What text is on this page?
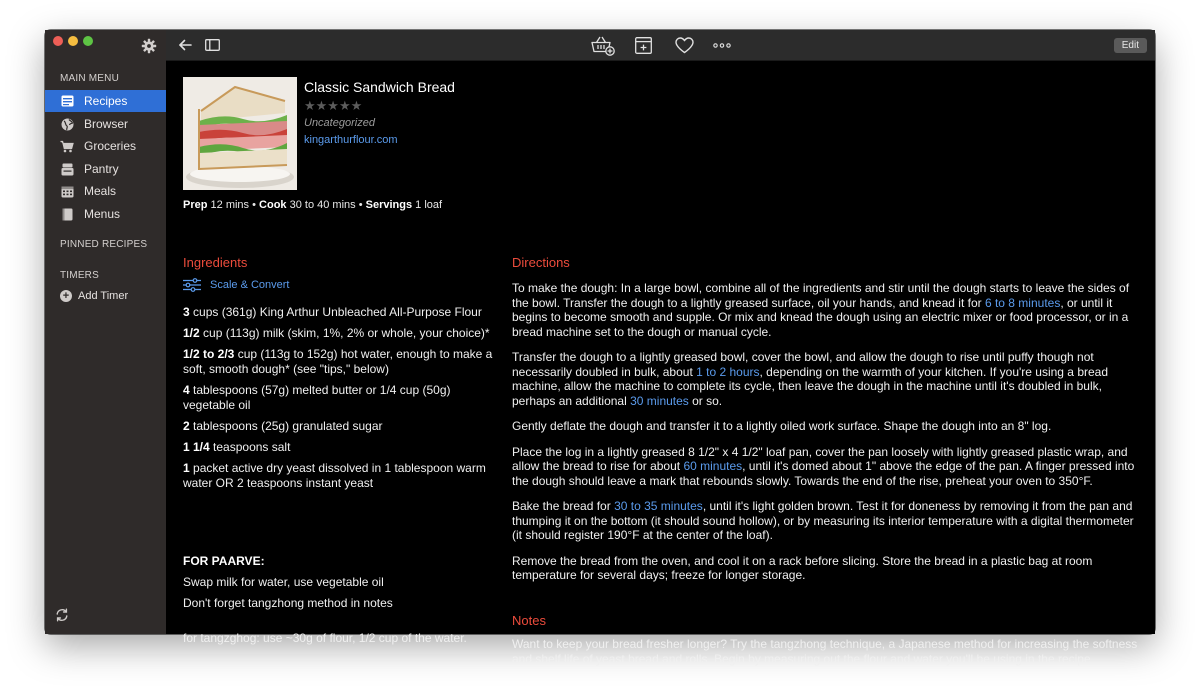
MAIN MENU
Recipes
Browser
Groceries
Pantry
Meals
Menus
PINNED RECIPES
TIMERS
+ Add Timer
Edit
Classic Sandwich Bread
★★★★★
Uncategorized
kingarthurflour.com
Prep 12 mins • Cook 30 to 40 mins • Servings 1 loaf
Ingredients
Scale & Convert
3 cups (361g) King Arthur Unbleached All-Purpose Flour
1/2 cup (113g) milk (skim, 1%, 2% or whole, your choice)*
1/2 to 2/3 cup (113g to 152g) hot water, enough to make a soft, smooth dough* (see "tips," below)
4 tablespoons (57g) melted butter or 1/4 cup (50g) vegetable oil
2 tablespoons (25g) granulated sugar
1 1/4 teaspoons salt
1 packet active dry yeast dissolved in 1 tablespoon warm water OR 2 teaspoons instant yeast
FOR PAARVE:
Swap milk for water, use vegetable oil
Don't forget tangzhong method in notes
for tangzghog: use ~30g of flour, 1/2 cup of the water.
Directions

To make the dough: In a large bowl, combine all of the ingredients and stir until the dough starts to leave the sides of the bowl. Transfer the dough to a lightly greased surface, oil your hands, and knead it for 6 to 8 minutes, or until it begins to become smooth and supple. Or mix and knead the dough using an electric mixer or food processor, or in a bread machine set to the dough or manual cycle.

Transfer the dough to a lightly greased bowl, cover the bowl, and allow the dough to rise until puffy though not necessarily doubled in bulk, about 1 to 2 hours, depending on the warmth of your kitchen. If you're using a bread machine, allow the machine to complete its cycle, then leave the dough in the machine until it's doubled in bulk, perhaps an additional 30 minutes or so.

Gently deflate the dough and transfer it to a lightly oiled work surface. Shape the dough into an 8" log.

Place the log in a lightly greased 8 1/2" x 4 1/2" loaf pan, cover the pan loosely with lightly greased plastic wrap, and allow the bread to rise for about 60 minutes, until it's domed about 1" above the edge of the pan. A finger pressed into the dough should leave a mark that rebounds slowly. Towards the end of the rise, preheat your oven to 350°F.

Bake the bread for 30 to 35 minutes, until it's light golden brown. Test it for doneness by removing it from the pan and thumping it on the bottom (it should sound hollow), or by measuring its interior temperature with a digital thermometer (it should register 190°F at the center of the loaf).

Remove the bread from the oven, and cool it on a rack before slicing. Store the bread in a plastic bag at room temperature for several days; freeze for longer storage.

Notes
Want to keep your bread fresher longer? Try the tangzhong technique, a Japanese method for increasing the softness and shelf life of yeast bread and rolls. Begin by measuring out the flour and water you'll be using in the recipe.
